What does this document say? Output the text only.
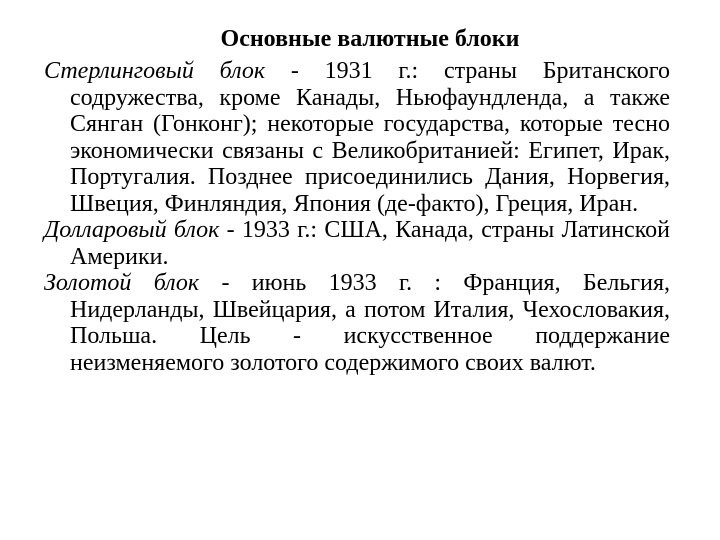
Основные валютные блоки

Стерлинговый блок - 1931 г.: страны Британского содружества, кроме Канады, Ньюфаундленда, а также Сянган (Гонконг); некоторые государства, которые тесно экономически связаны с Великобританией: Египет, Ирак, Португалия. Позднее присоединились Дания, Норвегия, Швеция, Финляндия, Япония (де-факто), Греция, Иран.

Долларовый блок - 1933 г.: США, Канада, страны Латинской Америки.

Золотой блок - июнь 1933 г. : Франция, Бельгия, Нидерланды, Швейцария, а потом Италия, Чехословакия, Польша. Цель - искусственное поддержание неизменяемого золотого содержимого своих валют.
